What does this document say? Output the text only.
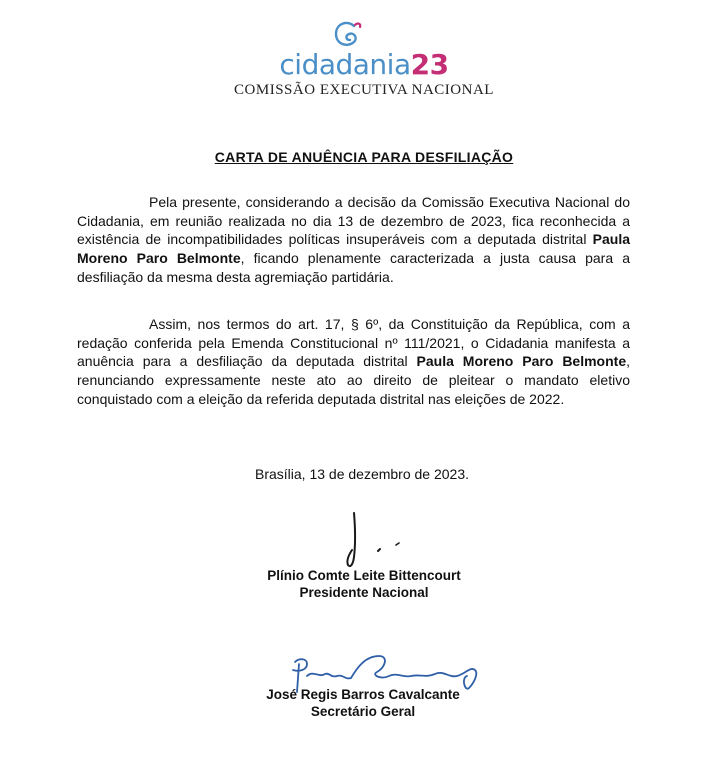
cidadania23
COMISSÃO EXECUTIVA NACIONAL
CARTA DE ANUÊNCIA PARA DESFILIAÇÃO

Pela presente, considerando a decisão da Comissão Executiva Nacional do Cidadania, em reunião realizada no dia 13 de dezembro de 2023, fica reconhecida a existência de incompatibilidades políticas insuperáveis com a deputada distrital Paula Moreno Paro Belmonte, ficando plenamente caracterizada a justa causa para a desfiliação da mesma desta agremiação partidária.

Assim, nos termos do art. 17, § 6º, da Constituição da República, com a redação conferida pela Emenda Constitucional nº 111/2021, o Cidadania manifesta a anuência para a desfiliação da deputada distrital Paula Moreno Paro Belmonte, renunciando expressamente neste ato ao direito de pleitear o mandato eletivo conquistado com a eleição da referida deputada distrital nas eleições de 2022.

Brasília, 13 de dezembro de 2023.
Plínio Comte Leite Bittencourt
Presidente Nacional
José Regis Barros Cavalcante
Secretário Geral
